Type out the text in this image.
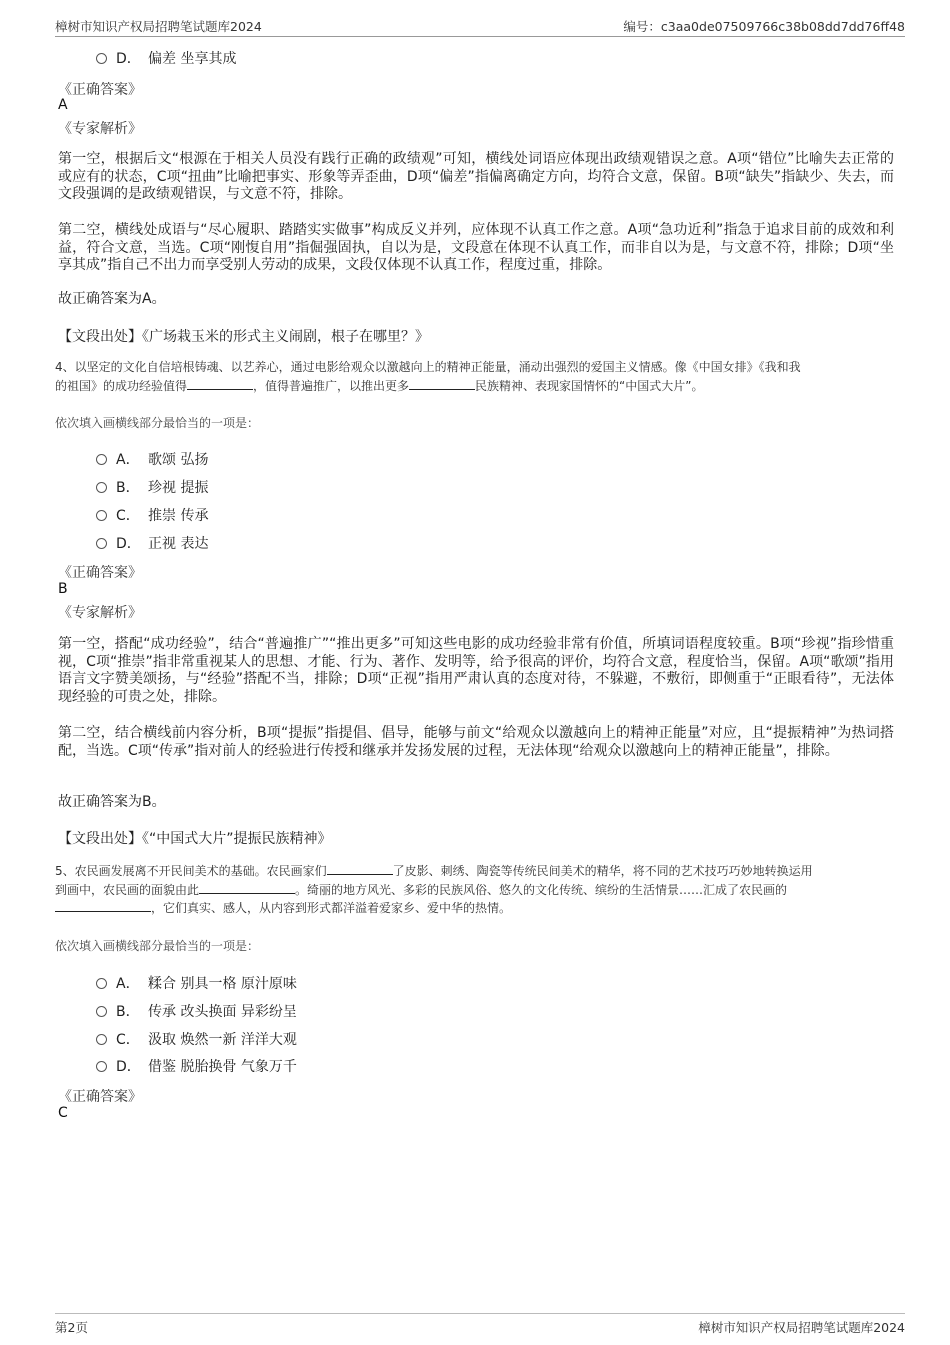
樟树市知识产权局招聘笔试题库2024	编号：c3aa0de07509766c38b08dd7dd76ff48
D． 偏差 坐享其成
《正确答案》
A
《专家解析》
第一空，根据后文“根源在于相关人员没有践行正确的政绩观”可知，横线处词语应体现出政绩观错误之意。A项“错位”比喻失去正常的或应有的状态，C项“扭曲”比喻把事实、形象等弄歪曲，D项“偏差”指偏离确定方向，均符合文意，保留。B项“缺失”指缺少、失去，而文段强调的是政绩观错误，与文意不符，排除。
第二空，横线处成语与“尽心履职、踏踏实实做事”构成反义并列，应体现不认真工作之意。A项“急功近利”指急于追求目前的成效和利益，符合文意，当选。C项“刚愎自用”指倔强固执，自以为是，文段意在体现不认真工作，而非自以为是，与文意不符，排除；D项“坐享其成”指自己不出力而享受别人劳动的成果，文段仅体现不认真工作，程度过重，排除。
故正确答案为A。
【文段出处】《广场栽玉米的形式主义闹剧，根子在哪里？》
4、以坚定的文化自信培根铸魂、以艺养心，通过电影给观众以激越向上的精神正能量，涌动出强烈的爱国主义情感。像《中国女排》《我和我
的祖国》的成功经验值得	，值得普遍推广，以推出更多	民族精神、表现家国情怀的“中国式大片”。
依次填入画横线部分最恰当的一项是：
A． 歌颂 弘扬
B． 珍视 提振
C． 推崇 传承
D． 正视 表达
《正确答案》
B
《专家解析》
第一空，搭配“成功经验”，结合“普遍推广”“推出更多”可知这些电影的成功经验非常有价值，所填词语程度较重。B项“珍视”指珍惜重视，C项“推崇”指非常重视某人的思想、才能、行为、著作、发明等，给予很高的评价，均符合文意，程度恰当，保留。A项“歌颂”指用语言文字赞美颂扬，与“经验”搭配不当，排除；D项“正视”指用严肃认真的态度对待，不躲避，不敷衍，即侧重于“正眼看待”，无法体现经验的可贵之处，排除。
第二空，结合横线前内容分析，B项“提振”指提倡、倡导，能够与前文“给观众以激越向上的精神正能量”对应，且“提振精神”为热词搭配，当选。C项“传承”指对前人的经验进行传授和继承并发扬发展的过程，无法体现“给观众以激越向上的精神正能量”，排除。
故正确答案为B。
【文段出处】《“中国式大片”提振民族精神》
5、农民画发展离不开民间美术的基础。农民画家们	了皮影、刺绣、陶瓷等传统民间美术的精华，将不同的艺术技巧巧妙地转换运用
到画中，农民画的面貌由此	。绮丽的地方风光、多彩的民族风俗、悠久的文化传统、缤纷的生活情景……汇成了农民画的
，它们真实、感人，从内容到形式都洋溢着爱家乡、爱中华的热情。
依次填入画横线部分最恰当的一项是：
A． 糅合 别具一格 原汁原味
B． 传承 改头换面 异彩纷呈
C． 汲取 焕然一新 洋洋大观
D． 借鉴 脱胎换骨 气象万千
《正确答案》
C
第2页	樟树市知识产权局招聘笔试题库2024
